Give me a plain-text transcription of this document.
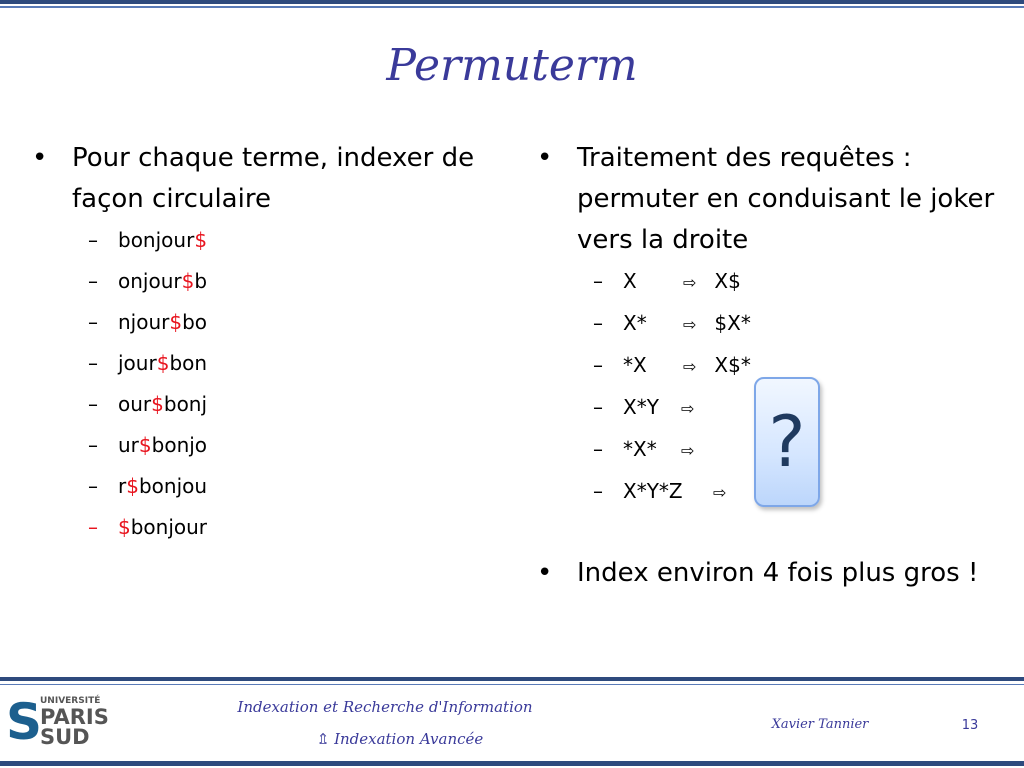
Permuterm
• Pour chaque terme, indexer de façon circulaire
– bonjour$
– onjour$b
– njour$bo
– jour$bon
– our$bonj
– ur$bonjo
– r$bonjou
– $bonjour
• Traitement des requêtes : permuter en conduisant le joker vers la droite
– X	⇨ X$
– X* ⇨ $X*
– *X ⇨ X$*
– X*Y ⇨
– *X* ⇨
– X*Y*Z ⇨
• Index environ 4 fois plus gros !
?
S
UNIVERSITÉ
PARIS
SUD
Indexation et Recherche d'Information
⇬ Indexation Avancée
Xavier Tannier	13
